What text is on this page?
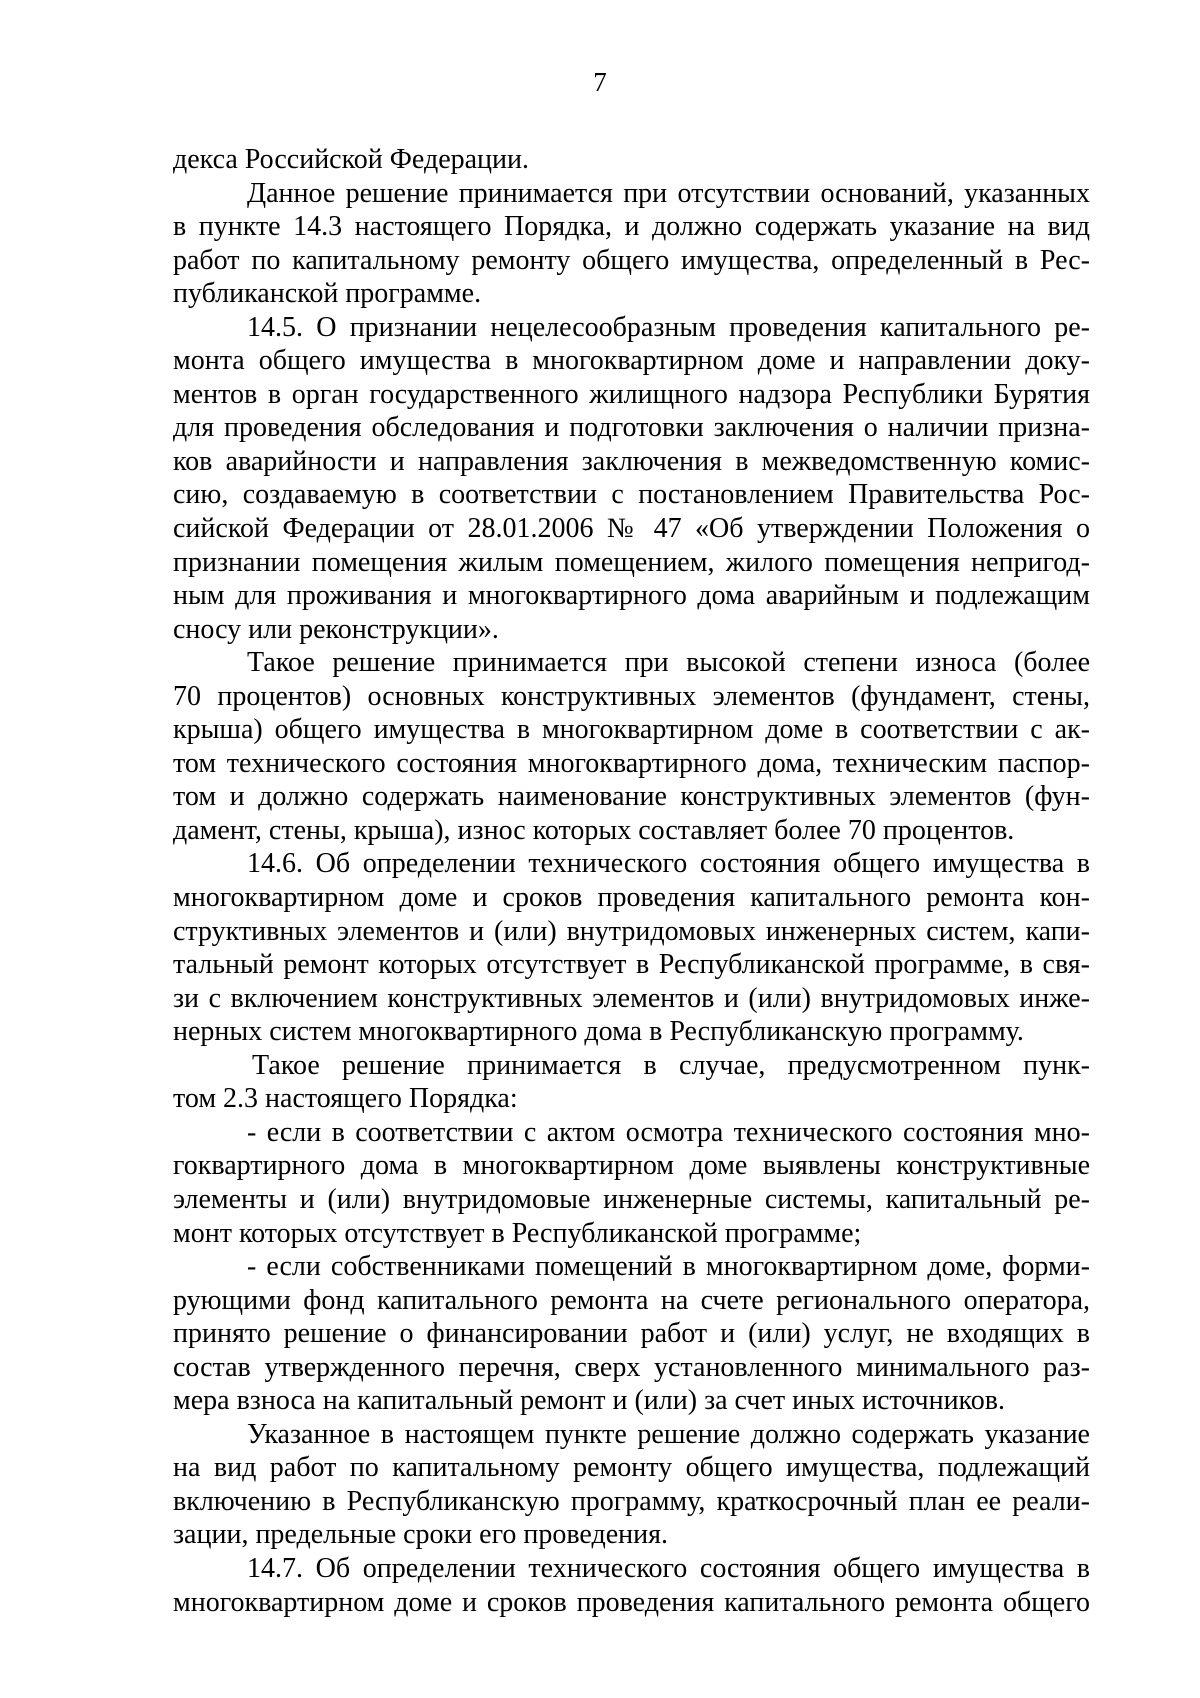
7
декса Российской Федерации.
Данное решение принимается при отсутствии оснований, указанных
в пункте 14.3 настоящего Порядка, и должно содержать указание на вид
работ по капитальному ремонту общего имущества, определенный в Рес-
публиканской программе.
14.5. О признании нецелесообразным проведения капитального ре-
монта общего имущества в многоквартирном доме и направлении доку-
ментов в орган государственного жилищного надзора Республики Бурятия
для проведения обследования и подготовки заключения о наличии призна-
ков аварийности и направления заключения в межведомственную комис-
сию, создаваемую в соответствии с постановлением Правительства Рос-
сийской Федерации от 28.01.2006 № 47 «Об утверждении Положения о
признании помещения жилым помещением, жилого помещения непригод-
ным для проживания и многоквартирного дома аварийным и подлежащим
сносу или реконструкции».
Такое решение принимается при высокой степени износа (более
70 процентов) основных конструктивных элементов (фундамент, стены,
крыша) общего имущества в многоквартирном доме в соответствии с ак-
том технического состояния многоквартирного дома, техническим паспор-
том и должно содержать наименование конструктивных элементов (фун-
дамент, стены, крыша), износ которых составляет более 70 процентов.
14.6. Об определении технического состояния общего имущества в
многоквартирном доме и сроков проведения капитального ремонта кон-
структивных элементов и (или) внутридомовых инженерных систем, капи-
тальный ремонт которых отсутствует в Республиканской программе, в свя-
зи с включением конструктивных элементов и (или) внутридомовых инже-
нерных систем многоквартирного дома в Республиканскую программу.
Такое решение принимается в случае, предусмотренном пунк-
том 2.3 настоящего Порядка:
- если в соответствии с актом осмотра технического состояния мно-
гоквартирного дома в многоквартирном доме выявлены конструктивные
элементы и (или) внутридомовые инженерные системы, капитальный ре-
монт которых отсутствует в Республиканской программе;
- если собственниками помещений в многоквартирном доме, форми-
рующими фонд капитального ремонта на счете регионального оператора,
принято решение о финансировании работ и (или) услуг, не входящих в
состав утвержденного перечня, сверх установленного минимального раз-
мера взноса на капитальный ремонт и (или) за счет иных источников.
Указанное в настоящем пункте решение должно содержать указание
на вид работ по капитальному ремонту общего имущества, подлежащий
включению в Республиканскую программу, краткосрочный план ее реали-
зации, предельные сроки его проведения.
14.7. Об определении технического состояния общего имущества в
многоквартирном доме и сроков проведения капитального ремонта общего
